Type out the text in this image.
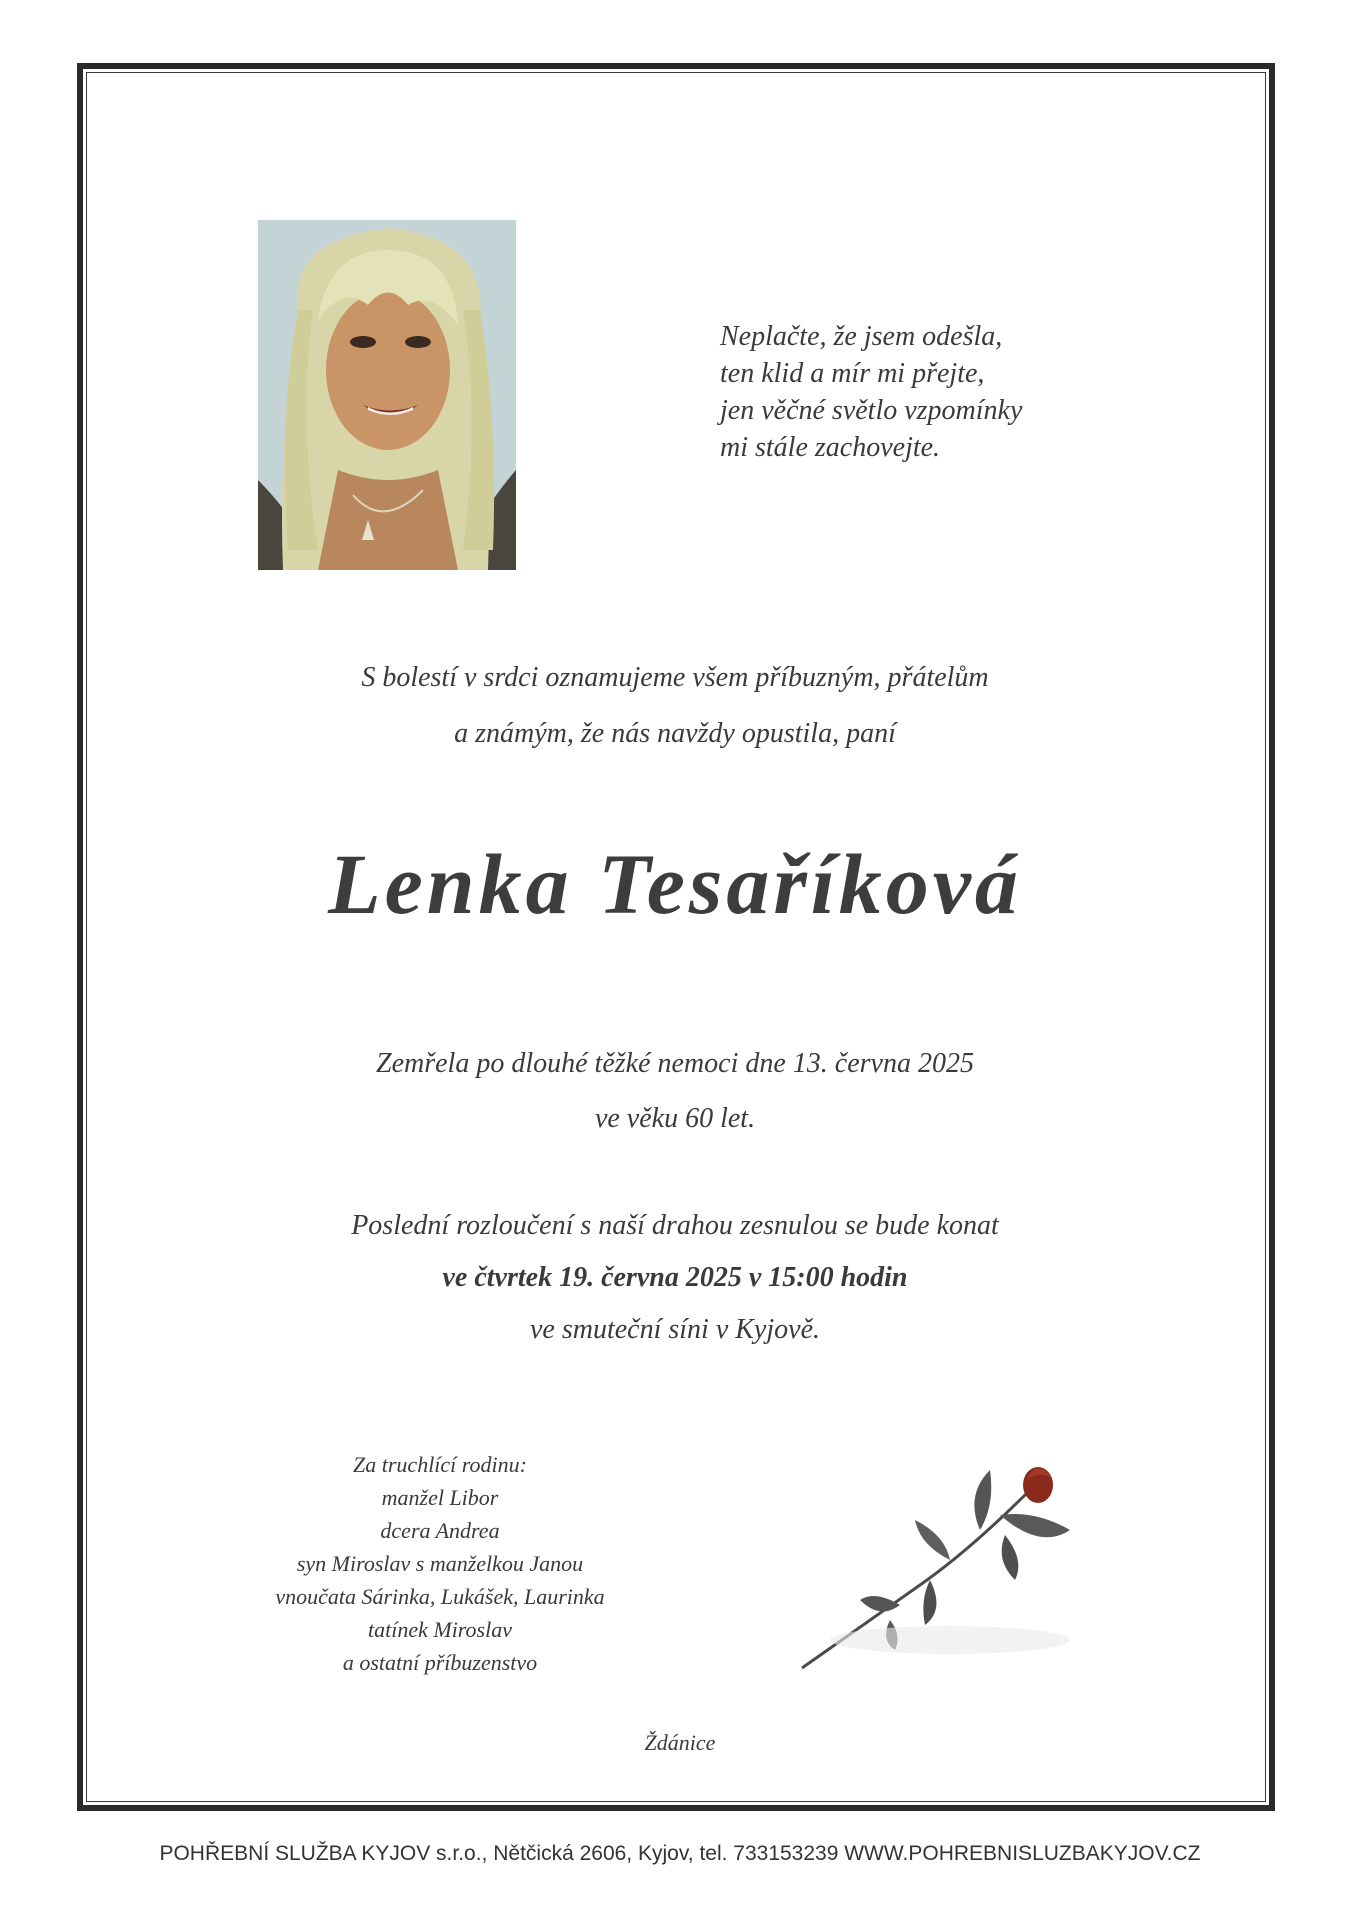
Neplačte, že jsem odešla,
ten klid a mír mi přejte,
jen věčné světlo vzpomínky
mi stále zachovejte.
S bolestí v srdci oznamujeme všem příbuzným, přátelům
a známým, že nás navždy opustila, paní
Lenka Tesaříková
Zemřela po dlouhé těžké nemoci dne 13. června 2025
ve věku 60 let.
Poslední rozloučení s naší drahou zesnulou se bude konat
ve čtvrtek 19. června 2025 v 15:00 hodin
ve smuteční síni v Kyjově.
Za truchlící rodinu:
manžel Libor
dcera Andrea
syn Miroslav s manželkou Janou
vnoučata Sárinka, Lukášek, Laurinka
tatínek Miroslav
a ostatní příbuzenstvo
Ždánice
POHŘEBNÍ SLUŽBA KYJOV s.r.o., Nětčická 2606, Kyjov, tel. 733153239 WWW.POHREBNISLUZBAKYJOV.CZ
